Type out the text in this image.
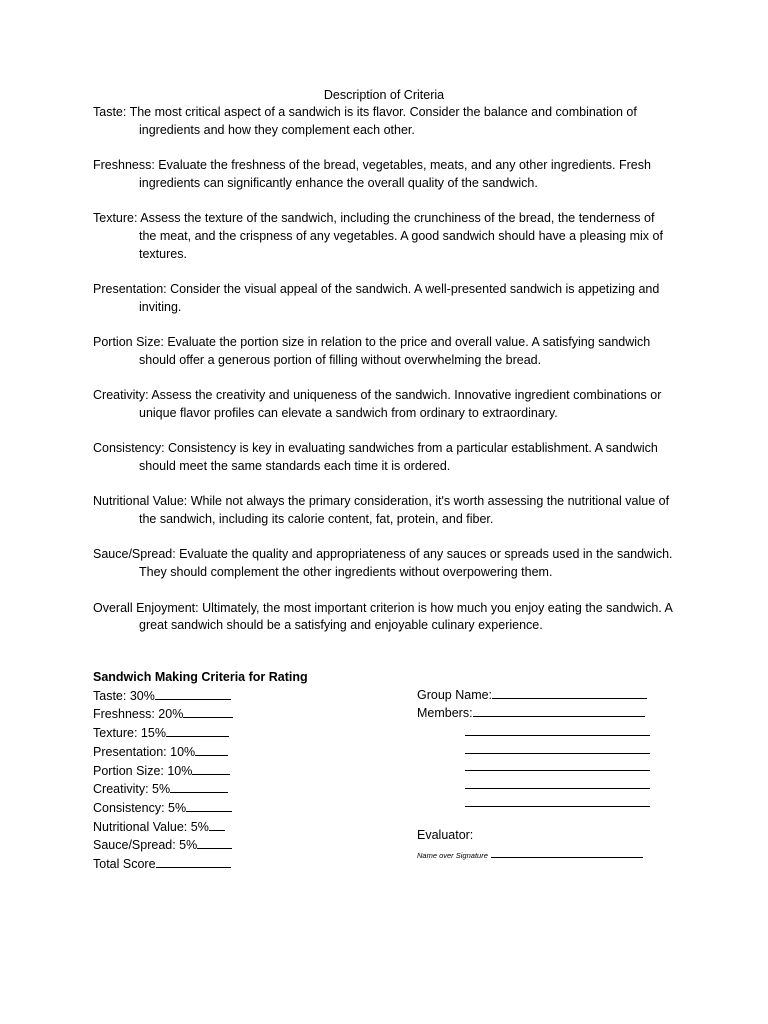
Description of Criteria

Taste: The most critical aspect of a sandwich is its flavor. Consider the balance and combination of ingredients and how they complement each other.

Freshness: Evaluate the freshness of the bread, vegetables, meats, and any other ingredients. Fresh ingredients can significantly enhance the overall quality of the sandwich.

Texture: Assess the texture of the sandwich, including the crunchiness of the bread, the tenderness of the meat, and the crispness of any vegetables. A good sandwich should have a pleasing mix of textures.

Presentation: Consider the visual appeal of the sandwich. A well-presented sandwich is appetizing and inviting.

Portion Size: Evaluate the portion size in relation to the price and overall value. A satisfying sandwich should offer a generous portion of filling without overwhelming the bread.

Creativity: Assess the creativity and uniqueness of the sandwich. Innovative ingredient combinations or unique flavor profiles can elevate a sandwich from ordinary to extraordinary.

Consistency: Consistency is key in evaluating sandwiches from a particular establishment. A sandwich should meet the same standards each time it is ordered.

Nutritional Value: While not always the primary consideration, it's worth assessing the nutritional value of the sandwich, including its calorie content, fat, protein, and fiber.

Sauce/Spread: Evaluate the quality and appropriateness of any sauces or spreads used in the sandwich. They should complement the other ingredients without overpowering them.

Overall Enjoyment: Ultimately, the most important criterion is how much you enjoy eating the sandwich. A great sandwich should be a satisfying and enjoyable culinary experience.

Sandwich Making Criteria for Rating
Taste: 30%
Freshness: 20%
Texture: 15%
Presentation: 10%
Portion Size: 10%
Creativity: 5%
Consistency: 5%
Nutritional Value: 5%
Sauce/Spread: 5%
Total Score
Group Name:
Members:
Evaluator:
Name over Signature
